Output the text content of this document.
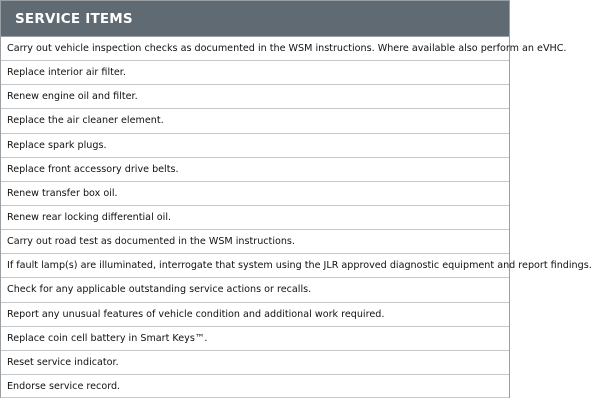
SERVICE ITEMS
Carry out vehicle inspection checks as documented in the WSM instructions. Where available also perform an eVHC.
Replace interior air filter.
Renew engine oil and filter.
Replace the air cleaner element.
Replace spark plugs.
Replace front accessory drive belts.
Renew transfer box oil.
Renew rear locking differential oil.
Carry out road test as documented in the WSM instructions.
If fault lamp(s) are illuminated, interrogate that system using the JLR approved diagnostic equipment and report findings.
Check for any applicable outstanding service actions or recalls.
Report any unusual features of vehicle condition and additional work required.
Replace coin cell battery in Smart Keys™.
Reset service indicator.
Endorse service record.
